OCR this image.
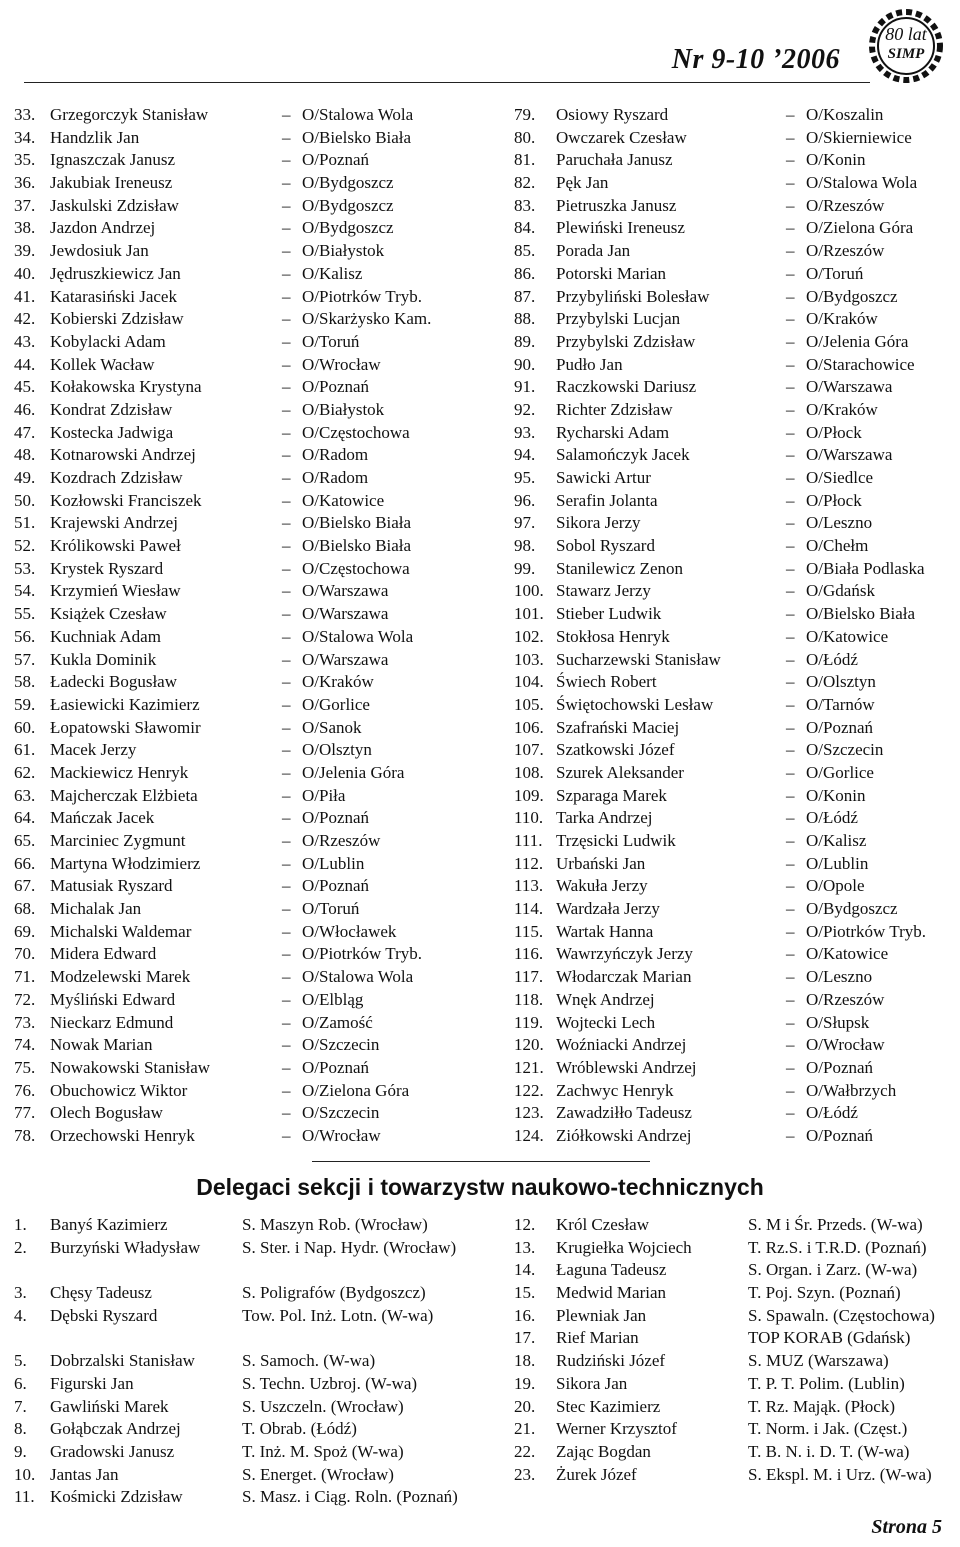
Nr 9-10 ’2006
80 lat
SIMP
33. Grzegorczyk Stanisław	– O/Stalowa Wola
34. Handzlik Jan	– O/Bielsko Biała
35. Ignaszczak Janusz	– O/Poznań
36. Jakubiak Ireneusz	– O/Bydgoszcz
37. Jaskulski Zdzisław	– O/Bydgoszcz
38. Jazdon Andrzej	– O/Bydgoszcz
39. Jewdosiuk Jan	– O/Białystok
40. Jędruszkiewicz Jan	– O/Kalisz
41. Katarasiński Jacek	– O/Piotrków Tryb.
42. Kobierski Zdzisław	– O/Skarżysko Kam.
43. Kobylacki Adam	– O/Toruń
44. Kollek Wacław	– O/Wrocław
45. Kołakowska Krystyna	– O/Poznań
46. Kondrat Zdzisław	– O/Białystok
47. Kostecka Jadwiga	– O/Częstochowa
48. Kotnarowski Andrzej	– O/Radom
49. Kozdrach Zdzisław	– O/Radom
50. Kozłowski Franciszek	– O/Katowice
51. Krajewski Andrzej	– O/Bielsko Biała
52. Królikowski Paweł	– O/Bielsko Biała
53. Krystek Ryszard	– O/Częstochowa
54. Krzymień Wiesław	– O/Warszawa
55. Książek Czesław	– O/Warszawa
56. Kuchniak Adam	– O/Stalowa Wola
57. Kukla Dominik	– O/Warszawa
58. Ładecki Bogusław	– O/Kraków
59. Łasiewicki Kazimierz	– O/Gorlice
60. Łopatowski Sławomir	– O/Sanok
61. Macek Jerzy	– O/Olsztyn
62. Mackiewicz Henryk	– O/Jelenia Góra
63. Majcherczak Elżbieta	– O/Piła
64. Mańczak Jacek	– O/Poznań
65. Marciniec Zygmunt	– O/Rzeszów
66. Martyna Włodzimierz	– O/Lublin
67. Matusiak Ryszard	– O/Poznań
68. Michalak Jan	– O/Toruń
69. Michalski Waldemar	– O/Włocławek
70. Midera Edward	– O/Piotrków Tryb.
71. Modzelewski Marek	– O/Stalowa Wola
72. Myśliński Edward	– O/Elbląg
73. Nieckarz Edmund	– O/Zamość
74. Nowak Marian	– O/Szczecin
75. Nowakowski Stanisław	– O/Poznań
76. Obuchowicz Wiktor	– O/Zielona Góra
77. Olech Bogusław	– O/Szczecin
78. Orzechowski Henryk	– O/Wrocław
79. Osiowy Ryszard	– O/Koszalin
80. Owczarek Czesław	– O/Skierniewice
81. Paruchała Janusz	– O/Konin
82. Pęk Jan	– O/Stalowa Wola
83. Pietruszka Janusz	– O/Rzeszów
84. Plewiński Ireneusz	– O/Zielona Góra
85. Porada Jan	– O/Rzeszów
86. Potorski Marian	– O/Toruń
87. Przybyliński Bolesław	– O/Bydgoszcz
88. Przybylski Lucjan	– O/Kraków
89. Przybylski Zdzisław	– O/Jelenia Góra
90. Pudło Jan	– O/Starachowice
91. Raczkowski Dariusz	– O/Warszawa
92. Richter Zdzisław	– O/Kraków
93. Rycharski Adam	– O/Płock
94. Salamończyk Jacek	– O/Warszawa
95. Sawicki Artur	– O/Siedlce
96. Serafin Jolanta	– O/Płock
97. Sikora Jerzy	– O/Leszno
98. Sobol Ryszard	– O/Chełm
99. Stanilewicz Zenon	– O/Biała Podlaska
100. Stawarz Jerzy	– O/Gdańsk
101. Stieber Ludwik	– O/Bielsko Biała
102. Stokłosa Henryk	– O/Katowice
103. Sucharzewski Stanisław	– O/Łódź
104. Świech Robert	– O/Olsztyn
105. Świętochowski Lesław	– O/Tarnów
106. Szafrański Maciej	– O/Poznań
107. Szatkowski Józef	– O/Szczecin
108. Szurek Aleksander	– O/Gorlice
109. Szparaga Marek	– O/Konin
110. Tarka Andrzej	– O/Łódź
111. Trzęsicki Ludwik	– O/Kalisz
112. Urbański Jan	– O/Lublin
113. Wakuła Jerzy	– O/Opole
114. Wardzała Jerzy	– O/Bydgoszcz
115. Wartak Hanna	– O/Piotrków Tryb.
116. Wawrzyńczyk Jerzy	– O/Katowice
117. Włodarczak Marian	– O/Leszno
118. Wnęk Andrzej	– O/Rzeszów
119. Wojtecki Lech	– O/Słupsk
120. Woźniacki Andrzej	– O/Wrocław
121. Wróblewski Andrzej	– O/Poznań
122. Zachwyc Henryk	– O/Wałbrzych
123. Zawadziłło Tadeusz	– O/Łódź
124. Ziółkowski Andrzej	– O/Poznań
Delegaci sekcji i towarzystw naukowo-technicznych
1. Banyś Kazimierz	S. Maszyn Rob. (Wrocław)
2. Burzyński Władysław S. Ster. i Nap. Hydr. (Wrocław)
3. Chęsy Tadeusz	S. Poligrafów (Bydgoszcz)
4. Dębski Ryszard	Tow. Pol. Inż. Lotn. (W-wa)
5. Dobrzalski Stanisław	S. Samoch. (W-wa)
6. Figurski Jan	S. Techn. Uzbroj. (W-wa)
7. Gawliński Marek	S. Uszczeln. (Wrocław)
8. Gołąbczak Andrzej	T. Obrab. (Łódź)
9. Gradowski Janusz	T. Inż. M. Spoż (W-wa)
10. Jantas Jan	S. Energet. (Wrocław)
11. Kośmicki Zdzisław	S. Masz. i Ciąg. Roln. (Poznań)
12. Król Czesław	S. M i Śr. Przeds. (W-wa)
13. Krugiełka Wojciech	T. Rz.S. i T.R.D. (Poznań)
14. Łaguna Tadeusz	S. Organ. i Zarz. (W-wa)
15. Medwid Marian	T. Poj. Szyn. (Poznań)
16. Plewniak Jan	S. Spawaln. (Częstochowa)
17. Rief Marian	TOP KORAB (Gdańsk)
18. Rudziński Józef	S. MUZ (Warszawa)
19. Sikora Jan	T. P. T. Polim. (Lublin)
20. Stec Kazimierz	T. Rz. Mająk. (Płock)
21. Werner Krzysztof	T. Norm. i Jak. (Częst.)
22. Zając Bogdan	T. B. N. i. D. T. (W-wa)
23. Żurek Józef	S. Ekspl. M. i Urz. (W-wa)
Strona 5
